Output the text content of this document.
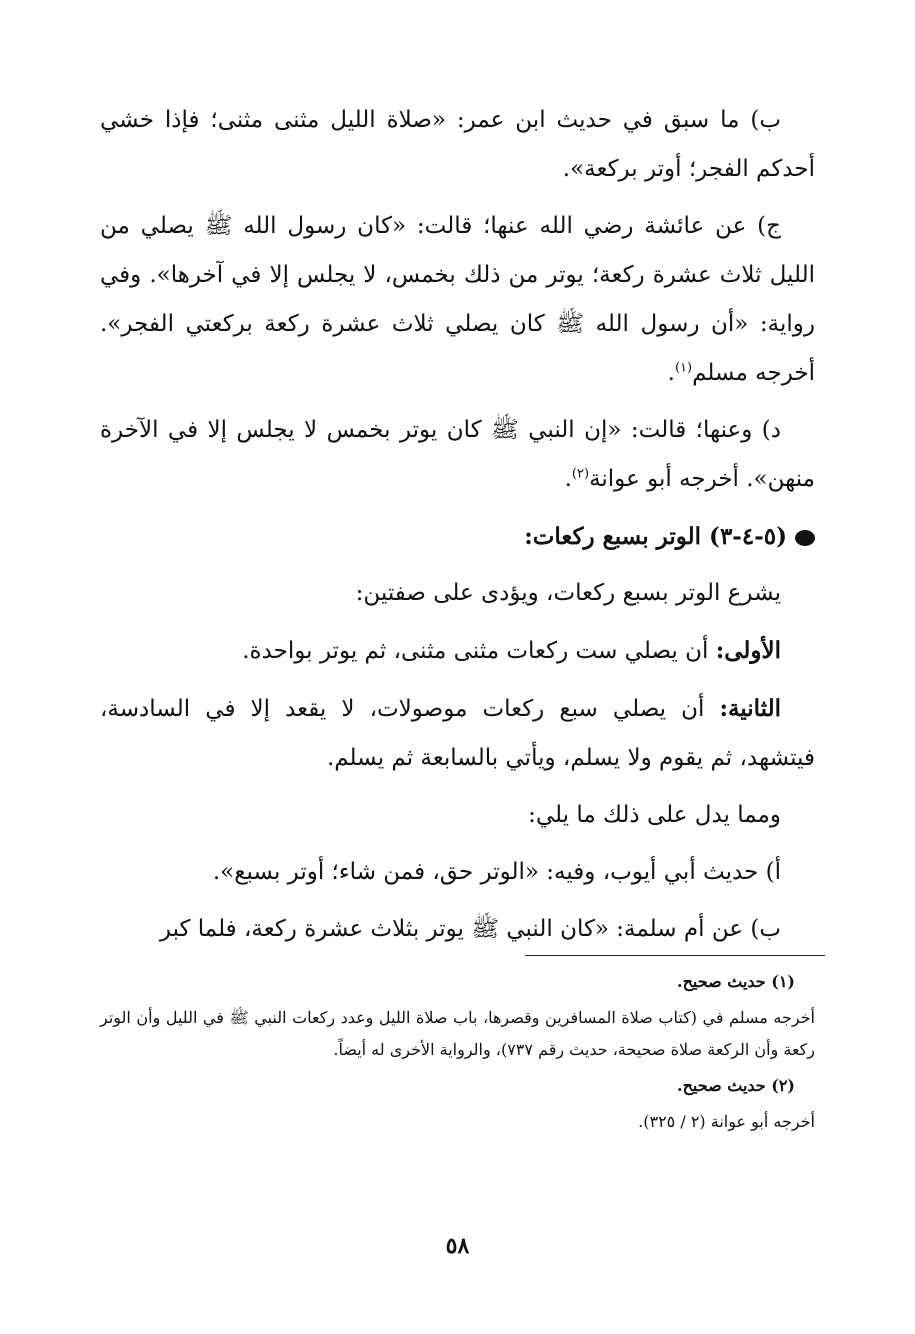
ب) ما سبق في حديث ابن عمر: «صلاة الليل مثنى مثنى؛ فإذا خشي أحدكم الفجر؛ أوتر بركعة».

ج) عن عائشة رضي الله عنها؛ قالت: «كان رسول الله ﷺ يصلي من الليل ثلاث عشرة ركعة؛ يوتر من ذلك بخمس، لا يجلس إلا في آخرها». وفي رواية: «أن رسول الله ﷺ كان يصلي ثلاث عشرة ركعة بركعتي الفجر». أخرجه مسلم$^{(١)}$.

د) وعنها؛ قالت: «إن النبي ﷺ كان يوتر بخمس لا يجلس إلا في الآخرة منهن». أخرجه أبو عوانة$^{(٢)}$.

(٥-٤-٣) الوتر بسبع ركعات:

يشرع الوتر بسبع ركعات، ويؤدى على صفتين:

الأولى: أن يصلي ست ركعات مثنى مثنى، ثم يوتر بواحدة.

الثانية: أن يصلي سبع ركعات موصولات، لا يقعد إلا في السادسة، فيتشهد، ثم يقوم ولا يسلم، ويأتي بالسابعة ثم يسلم.

ومما يدل على ذلك ما يلي:

أ) حديث أبي أيوب، وفيه: «الوتر حق، فمن شاء؛ أوتر بسبع».

ب) عن أم سلمة: «كان النبي ﷺ يوتر بثلاث عشرة ركعة، فلما كبر

(١) حديث صحيح.

أخرجه مسلم في (كتاب صلاة المسافرين وقصرها، باب صلاة الليل وعدد ركعات النبي ﷺ في الليل وأن الوتر ركعة وأن الركعة صلاة صحيحة، حديث رقم ٧٣٧)، والرواية الأخرى له أيضاً.

(٢) حديث صحيح.

أخرجه أبو عوانة (٢ / ٣٢٥).

٥٨
